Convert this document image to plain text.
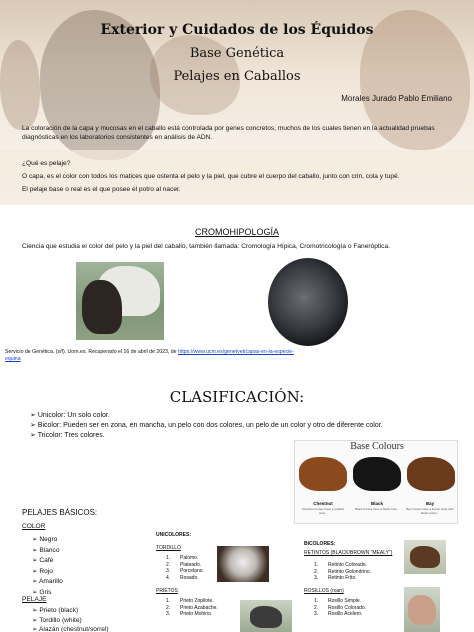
Exterior y Cuidados de los Équidos
Base Genética
Pelajes en Caballos
Morales Jurado Pablo Emiliano
La coloración de la capa y mucosas en el caballo está controlada por genes concretos, muchos de los cuales tienen en la actualidad pruebas diagnósticas en los laboratorios consistentes en análisis de ADN.
¿Qué es pelaje?
O capa, es el color con todos los matices que ostenta el pelo y la piel, que cubre el cuerpo del caballo, junto con crin, cola y tupé.
El pelaje base o real es el que posee el potro al nacer.
CROMOHIPOLOGÍA
Ciencia que estudia el color del pelo y la piel del caballo, también llamada: Cromología Hípica, Cromotricología o Faneróptica.
Servicio de Genética. (s/f). Uom.es. Recuperado el 16 de abril de 2023, de https://www.ucm.es/genetvet/capas-en-la-especie-equina
CLASIFICACIÓN:
➢ Unicolor: Un solo color.
➢ Bicolor: Pueden ser en zona, en mancha, un pelo con dos colores, un pelo de un color y otro de diferente color.
➢ Tricolor: Tres colores.
Base Colours
Chestnut	Black	Bay
Chestnut horses have a reddish coat...
Black horses have a black coat...	Bay horses have a brown body with black points...
PELAJES BÁSICOS:
COLOR
➢ Negro
➢ Blanco
➢ Café
➢ Rojo
➢ Amarillo
➢ Gris
PELAJE
➢ Prieto (black)
➢ Tordillo (white)
➢ Alazán (chestnut/sorrel)
UNICOLORES:
TORDILLO
1. Palomo.
2. Plateado.
3. Porcelano.
4. Rosado.
PRIETOS
1. Prieto Zopilote.
2. Prieto Azabache.
3. Prieto Mohino.
BICOLORES:
RETINTOS (BLACK/BROWN "MEALY")
1. Retinto Colorado.
2. Retinto Golondrino.
3. Retinto Frito.
ROSILLOS (roan)
1. Rosillo Simple.
2. Rosillo Colorado.
3. Rosillo Acelero.
